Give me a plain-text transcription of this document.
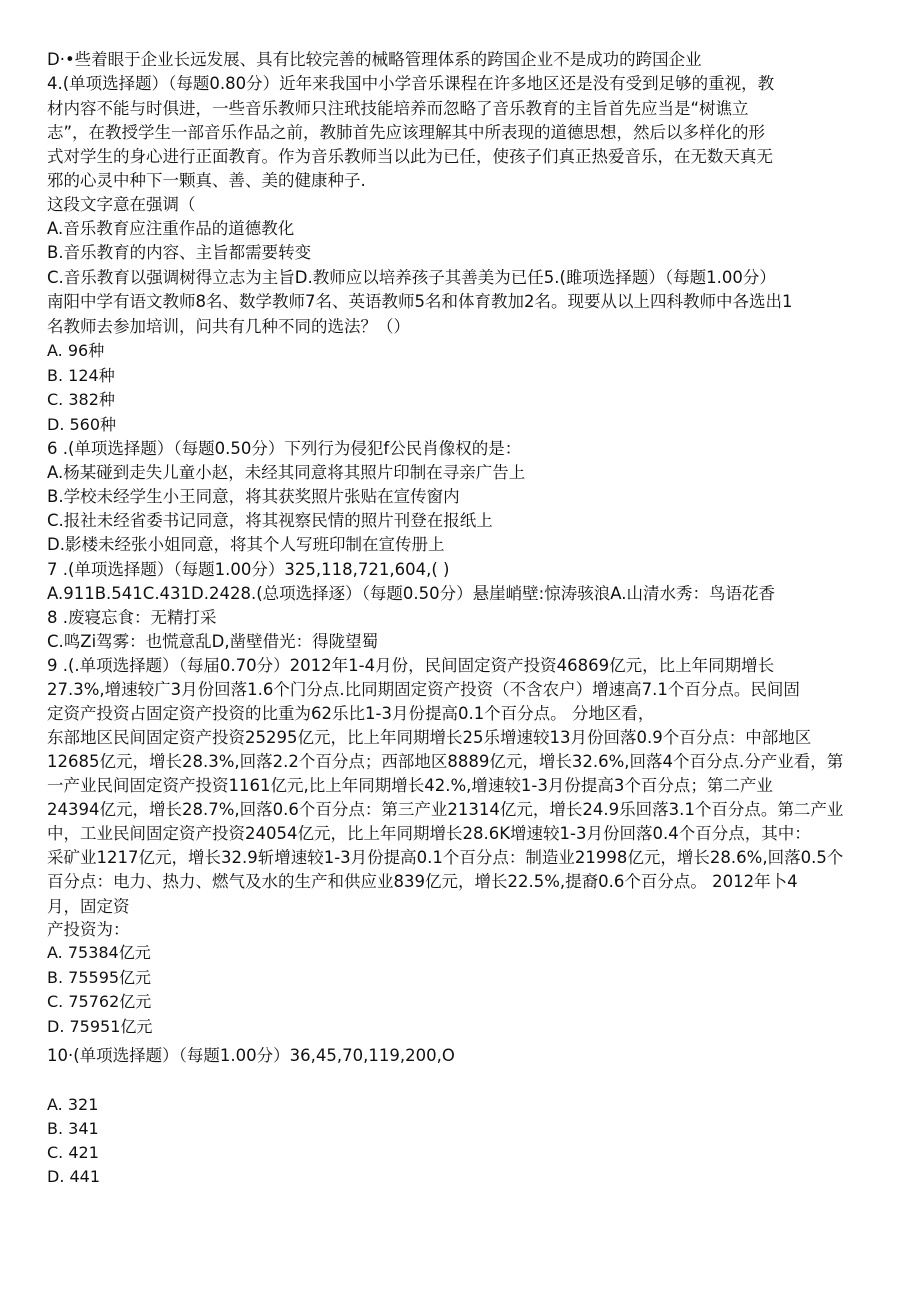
D·•些着眼于企业长远发展、具有比较完善的械略管理体系的跨国企业不是成功的跨国企业
4.(单项选择题）（每题0.80分）近年来我国中小学音乐课程在许多地区还是没有受到足够的重视，教
材内容不能与时俱进，一些音乐教师只注玳技能培养而忽略了音乐教育的主旨首先应当是“树谯立
志”，在教授学生一部音乐作品之前，教肺首先应该理解其中所表现的道德思想，然后以多样化的形
式对学生的身心进行正面教育。作为音乐教师当以此为已任，使孩子们真正热爱音乐，在无数天真无
邪的心灵中种下一颗真、善、美的健康种子.
这段文字意在强调（
A.音乐教育应注重作品的道德教化
B.音乐教育的内容、主旨都需要转变
C.音乐教育以强调树得立志为主旨D.教师应以培养孩子其善美为已任5.(雎项选择题）（每题1.00分）
南阳中学有语文教师8名、数学教师7名、英语教师5名和体育教加2名。现要从以上四科教师中各选出1
名教师去参加培训，问共有几种不同的选法？（）
A. 96种
B. 124种
C. 382种
D. 560种
6 .(单项选择题）（每题0.50分）下列行为侵犯f公民肖像权的是：
A.杨某碰到走失儿童小赵，未经其同意将其照片印制在寻亲广告上
B.学校未经学生小王同意，将其获奖照片张贴在宣传窗内
C.报社未经省委书记同意，将其视察民情的照片刊登在报纸上
D.影楼未经张小姐同意，将其个人写班印制在宣传册上
7 .(单项选择题）（每题1.00分）325,118,721,604,( )
A.911B.541C.431D.2428.(总项选择逐）（每题0.50分）悬崖峭壁:惊涛骇浪A.山清水秀：鸟语花香
8 .废寝忘食：无精打采
C.鸣Zi驾雾：也慌意乱D,凿壁借光：得陇望蜀
9 .(.单项选择题）（每届0.70分）2012年1-4月份，民间固定资产投资46869亿元，比上年同期增长
27.3%,增速较广3月份回落1.6个门分点.比同期固定资产投资（不含农户）增速高7.1个百分点。民间固
定资产投资占固定资产投资的比重为62乐比1-3月份提高0.1个百分点。 分地区看，
东部地区民间固定资产投资25295亿元，比上年同期增长25乐增速较13月份回落0.9个百分点：中部地区
12685亿元，增长28.3%,回落2.2个百分点；西部地区8889亿元，增长32.6%,回落4个百分点.分产业看，第
一产业民间固定资产投资1161亿元,比上年同期增长42.%,增速较1-3月份提高3个百分点；第二产业
24394亿元，增长28.7%,回落0.6个百分点：第三产业21314亿元，增长24.9乐回落3.1个百分点。第二产业
中，工业民间固定资产投资24054亿元，比上年同期增长28.6K增速较1-3月份回落0.4个百分点，其中：
采矿业1217亿元，增长32.9斩增速较1-3月份提高0.1个百分点：制造业21998亿元，增长28.6%,回落0.5个
百分点：电力、热力、燃气及水的生产和供应业839亿元，增长22.5%,提裔0.6个百分点。 2012年卜4
月，固定资
产投资为：
A. 75384亿元
B. 75595亿元
C. 75762亿元
D. 75951亿元
10·(单项选择题）（每题1.00分）36,45,70,119,200,O
A. 321
B. 341
C. 421
D. 441
